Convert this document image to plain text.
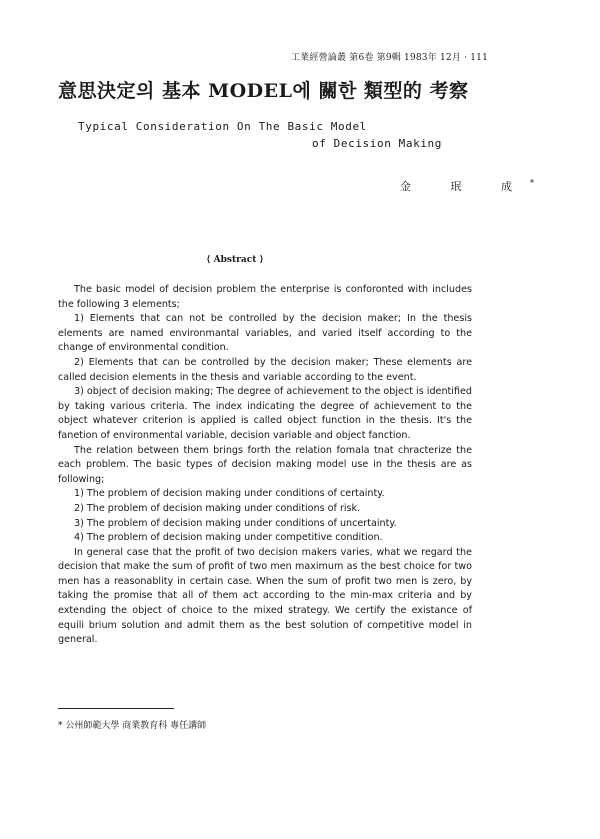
工業經營論叢 第6卷 第9輯 1983年 12月 · 111
意思決定의 基本 MODEL에 關한 類型的 考察
Typical Consideration On The Basic Model
of Decision Making
金 珉 成*
⟨ Abstract ⟩

The basic model of decision problem the enterprise is conforonted with includes the following 3 elements;

1) Elements that can not be controlled by the decision maker; In the thesis elements are named environmantal variables, and varied itself according to the change of environmental condition.

2) Elements that can be controlled by the decision maker; These elements are called decision elements in the thesis and variable according to the event.

3) object of decision making; The degree of achievement to the object is identified by taking various criteria. The index indicating the degree of achievement to the object whatever criterion is applied is called object function in the thesis. It's the fanetion of environmental variable, decision variable and object fanction.

The relation between them brings forth the relation fomala tnat chracterize the each problem. The basic types of decision making model use in the thesis are as following;

1) The problem of decision making under conditions of certainty.

2) The problem of decision making under conditions of risk.

3) The problem of decision making under conditions of uncertainty.

4) The problem of decision making under competitive condition.

In general case that the profit of two decision makers varies, what we regard the decision that make the sum of profit of two men maximum as the best choice for two men has a reasonablity in certain case. When the sum of profit two men is zero, by taking the promise that all of them act according to the min-max criteria and by extending the object of choice to the mixed strategy. We certify the existance of equili brium solution and admit them as the best solution of competitive model in general.

* 公州師範大學 商業教育科 專任講師
